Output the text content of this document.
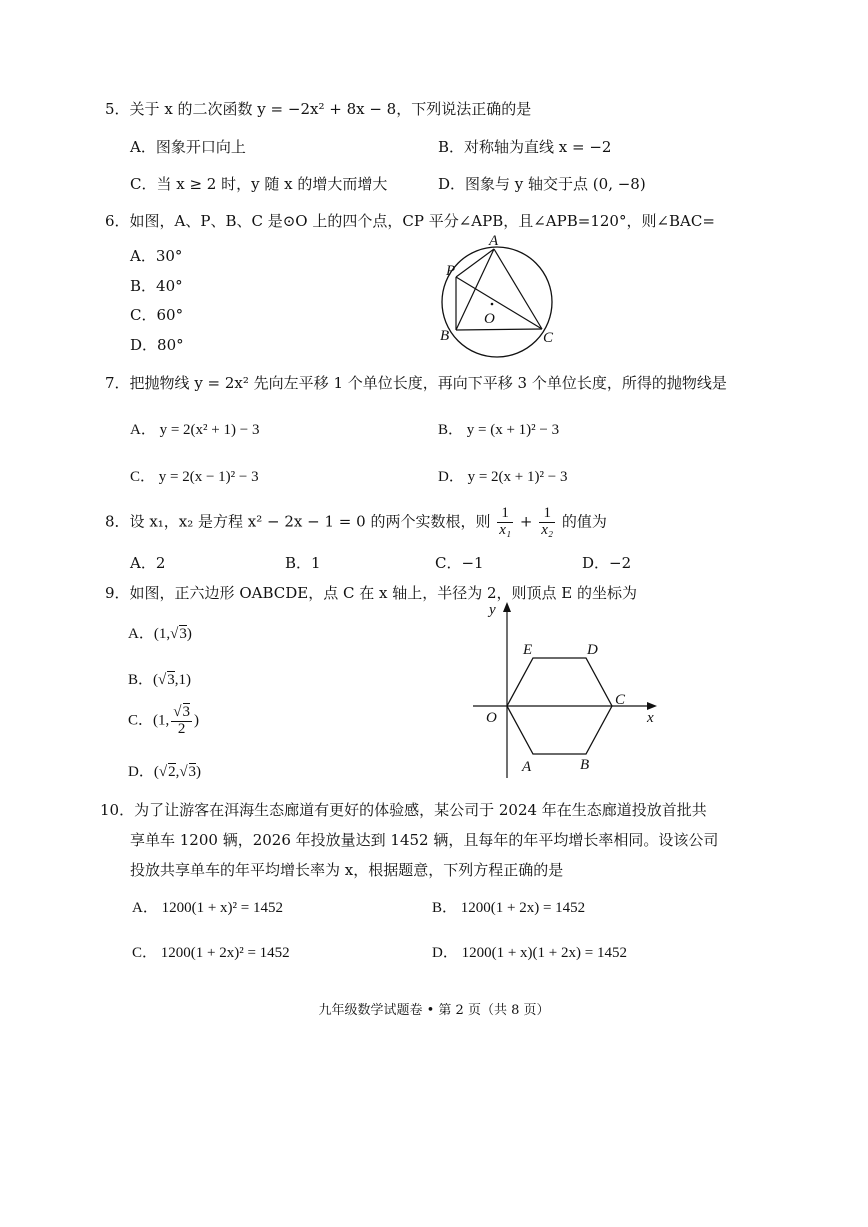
5．关于 x 的二次函数 y = −2x² + 8x − 8，下列说法正确的是
A．图象开口向上	B．对称轴为直线 x = −2
C．当 x ≥ 2 时，y 随 x 的增大而增大	D．图象与 y 轴交于点 (0, −8)
6．如图，A、P、B、C 是⊙O 上的四个点，CP 平分∠APB，且∠APB=120°，则∠BAC=
A．30°
B．40°
C．60°
D．80°
A
P
O
B	C
7．把抛物线 y = 2x² 先向左平移 1 个单位长度，再向下平移 3 个单位长度，所得的抛物线是
A． y = 2(x² + 1) − 3	B． y = (x + 1)² − 3
C． y = 2(x − 1)² − 3	D． y = 2(x + 1)² − 3
8．设 x₁，x₂ 是方程 x² − 2x − 1 = 0 的两个实数根，则 $\frac{1}{\text{x₁}} + \frac{1}{\text{x₂}}$ 的值为
A．2	B．1	C．−1	D．−2
9．如图，正六边形 OABCDE，点 C 在 x 轴上，半径为 2，则顶点 E 的坐标为
A．(1,√3)
B．(√3,1)
C．(1, $\frac{√3}{2}$ )
D．(√2,√3)
y
x
E	D
O
C
A	B
10．为了让游客在洱海生态廊道有更好的体验感，某公司于 2024 年在生态廊道投放首批共
享单车 1200 辆，2026 年投放量达到 1452 辆，且每年的年平均增长率相同。设该公司
投放共享单车的年平均增长率为 x，根据题意，下列方程正确的是
A． 1200(1 + x)² = 1452	B． 1200(1 + 2x) = 1452
C． 1200(1 + 2x)² = 1452	D． 1200(1 + x)(1 + 2x) = 1452
九年级数学试题卷 • 第 2 页（共 8 页）
